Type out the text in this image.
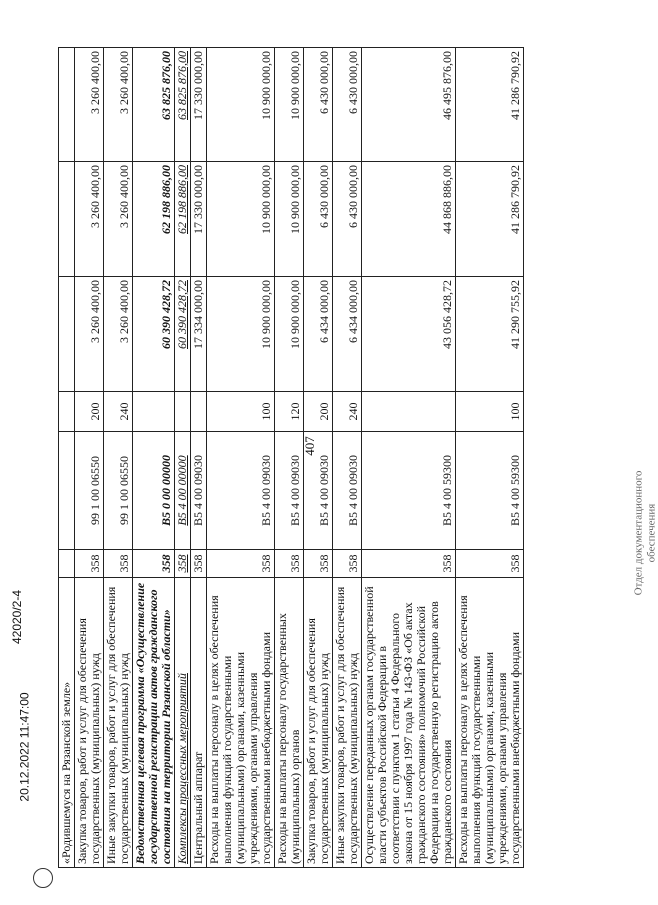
407
«Родившемуся на Рязанской земле»						
Закупка товаров, работ и услуг для обеспечения государственных (муниципальных) нужд	358	99 1 00 06550	200	3 260 400,00	3 260 400,00	3 260 400,00
Иные закупки товаров, работ и услуг для обеспечения государственных (муниципальных) нужд	358	99 1 00 06550	240	3 260 400,00	3 260 400,00	3 260 400,00
Ведомственная целевая программа «Осуществление государственной регистрации актов гражданского состояния на территории Рязанской области»	358	В5 0 00 00000		60 390 428,72	62 198 886,00	63 825 876,00
Комплексы процессных мероприятий	358	В5 4 00 00000		60 390 428,72	62 198 886,00	63 825 876,00
Центральный аппарат	358	В5 4 00 09030		17 334 000,00	17 330 000,00	17 330 000,00
Расходы на выплаты персоналу в целях обеспечения выполнения функций государственными (муниципальными) органами, казенными учреждениями, органами управления государственными внебюджетными фондами	358	В5 4 00 09030	100	10 900 000,00	10 900 000,00	10 900 000,00
Расходы на выплаты персоналу государственных (муниципальных) органов	358	В5 4 00 09030	120	10 900 000,00	10 900 000,00	10 900 000,00
Закупка товаров, работ и услуг для обеспечения государственных (муниципальных) нужд	358	В5 4 00 09030	200	6 434 000,00	6 430 000,00	6 430 000,00
Иные закупки товаров, работ и услуг для обеспечения государственных (муниципальных) нужд	358	В5 4 00 09030	240	6 434 000,00	6 430 000,00	6 430 000,00
Осуществление переданных органам государственной власти субъектов Российской Федерации в соответствии с пунктом 1 статьи 4 Федерального закона от 15 ноября 1997 года № 143-ФЗ «Об актах гражданского состояния» полномочий Российской Федерации на государственную регистрацию актов гражданского состояния	358	В5 4 00 59300		43 056 428,72	44 868 886,00	46 495 876,00
Расходы на выплаты персоналу в целях обеспечения выполнения функций государственными (муниципальными) органами, казенными учреждениями, органами управления государственными внебюджетными фондами	358	В5 4 00 59300	100	41 290 755,92	41 286 790,92	41 286 790,92
Отдел документационного обеспечения
20.12.2022 11:47:00
42020/2-4
